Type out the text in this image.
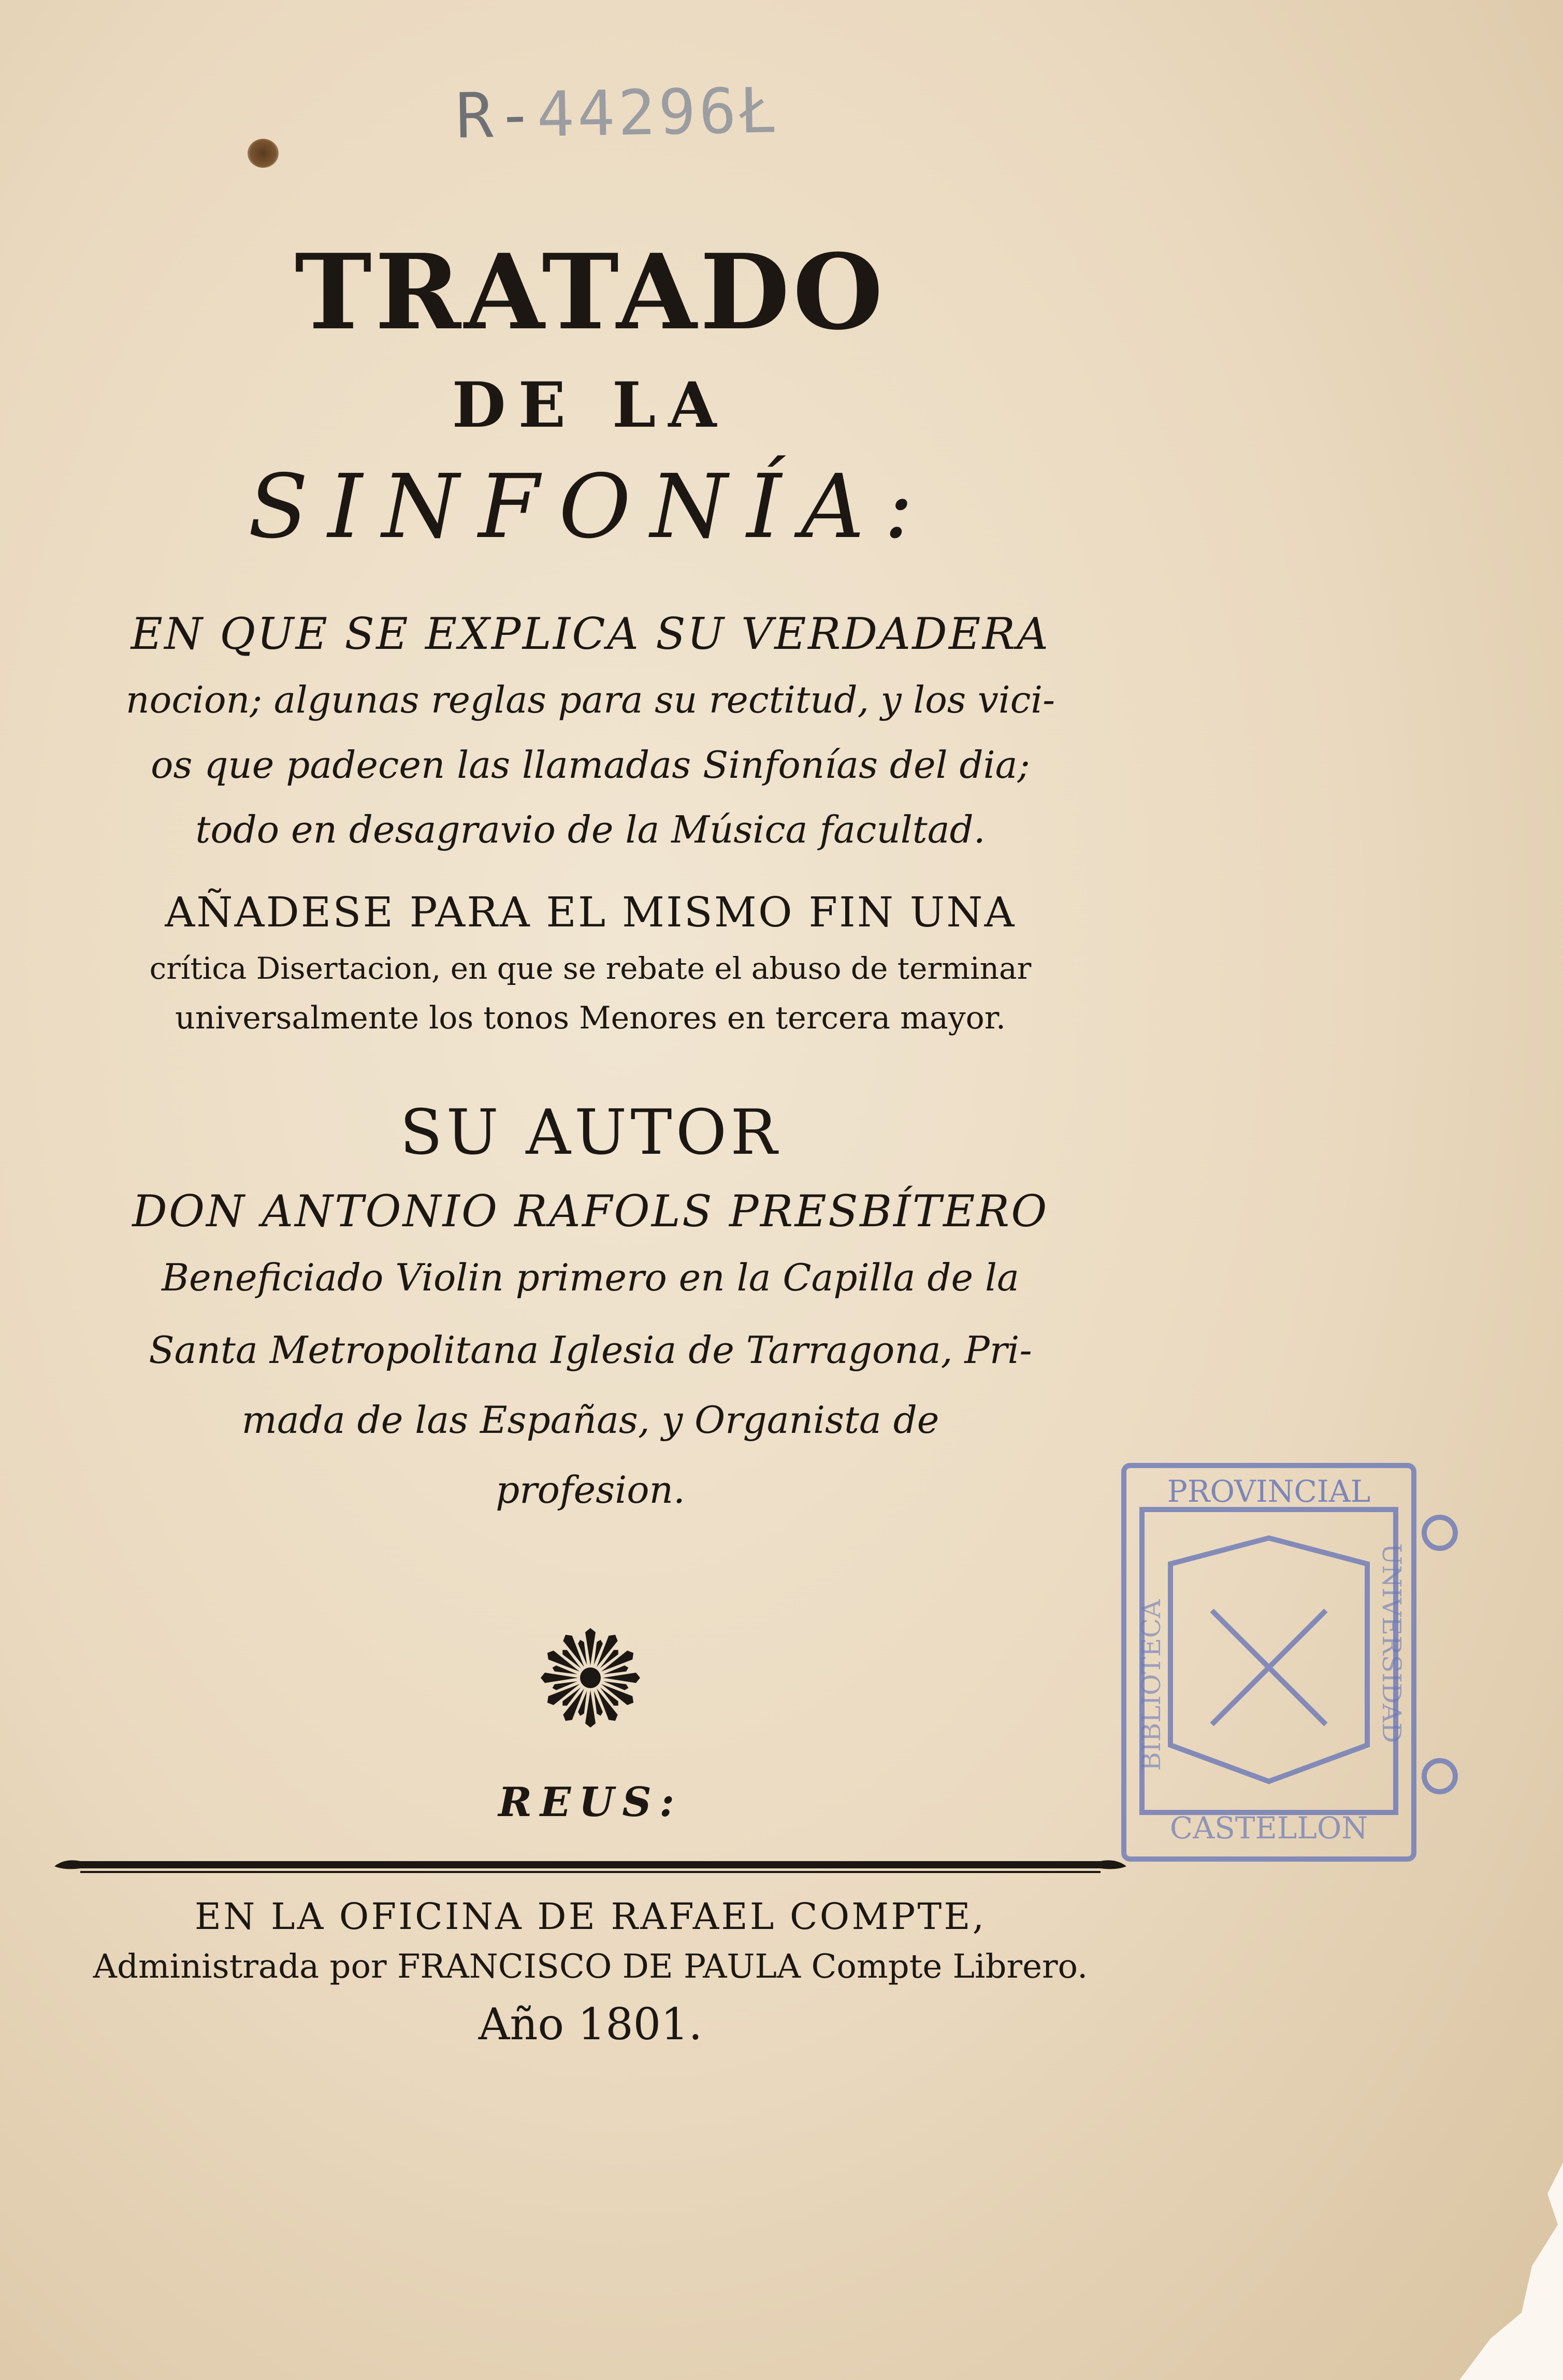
R-44296Ł

TRATADO

DE LA

SINFONÍA:

EN QUE SE EXPLICA SU VERDADERA

nocion; algunas reglas para su rectitud, y los vici-

os que padecen las llamadas Sinfonías del dia;

todo en desagravio de la Música facultad.

AÑADESE PARA EL MISMO FIN UNA

crítica Disertacion, en que se rebate el abuso de terminar

universalmente los tonos Menores en tercera mayor.

SU AUTOR

DON ANTONIO RAFOLS PRESBÍTERO

Beneficiado Violin primero en la Capilla de la

Santa Metropolitana Iglesia de Tarragona, Pri-

mada de las Españas, y Organista de

profesion.

REUS:

EN LA OFICINA DE RAFAEL COMPTE,

Administrada por FRANCISCO DE PAULA Compte Librero.

Año 1801.

PROVINCIAL
CASTELLON
BIBLIOTECA	UNIVERSIDAD
